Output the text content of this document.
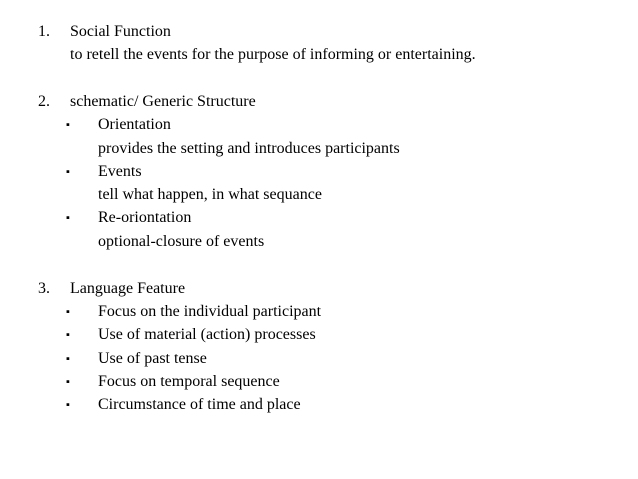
1. Social Function
to retell the events for the purpose of informing or entertaining.
2. schematic/ Generic Structure
▪ Orientation
provides the setting and introduces participants
▪ Events
tell what happen, in what sequance
▪ Re-oriontation
optional-closure of events
3. Language Feature
▪ Focus on the individual participant
▪ Use of material (action) processes
▪ Use of past tense
▪ Focus on temporal sequence
▪ Circumstance of time and place
